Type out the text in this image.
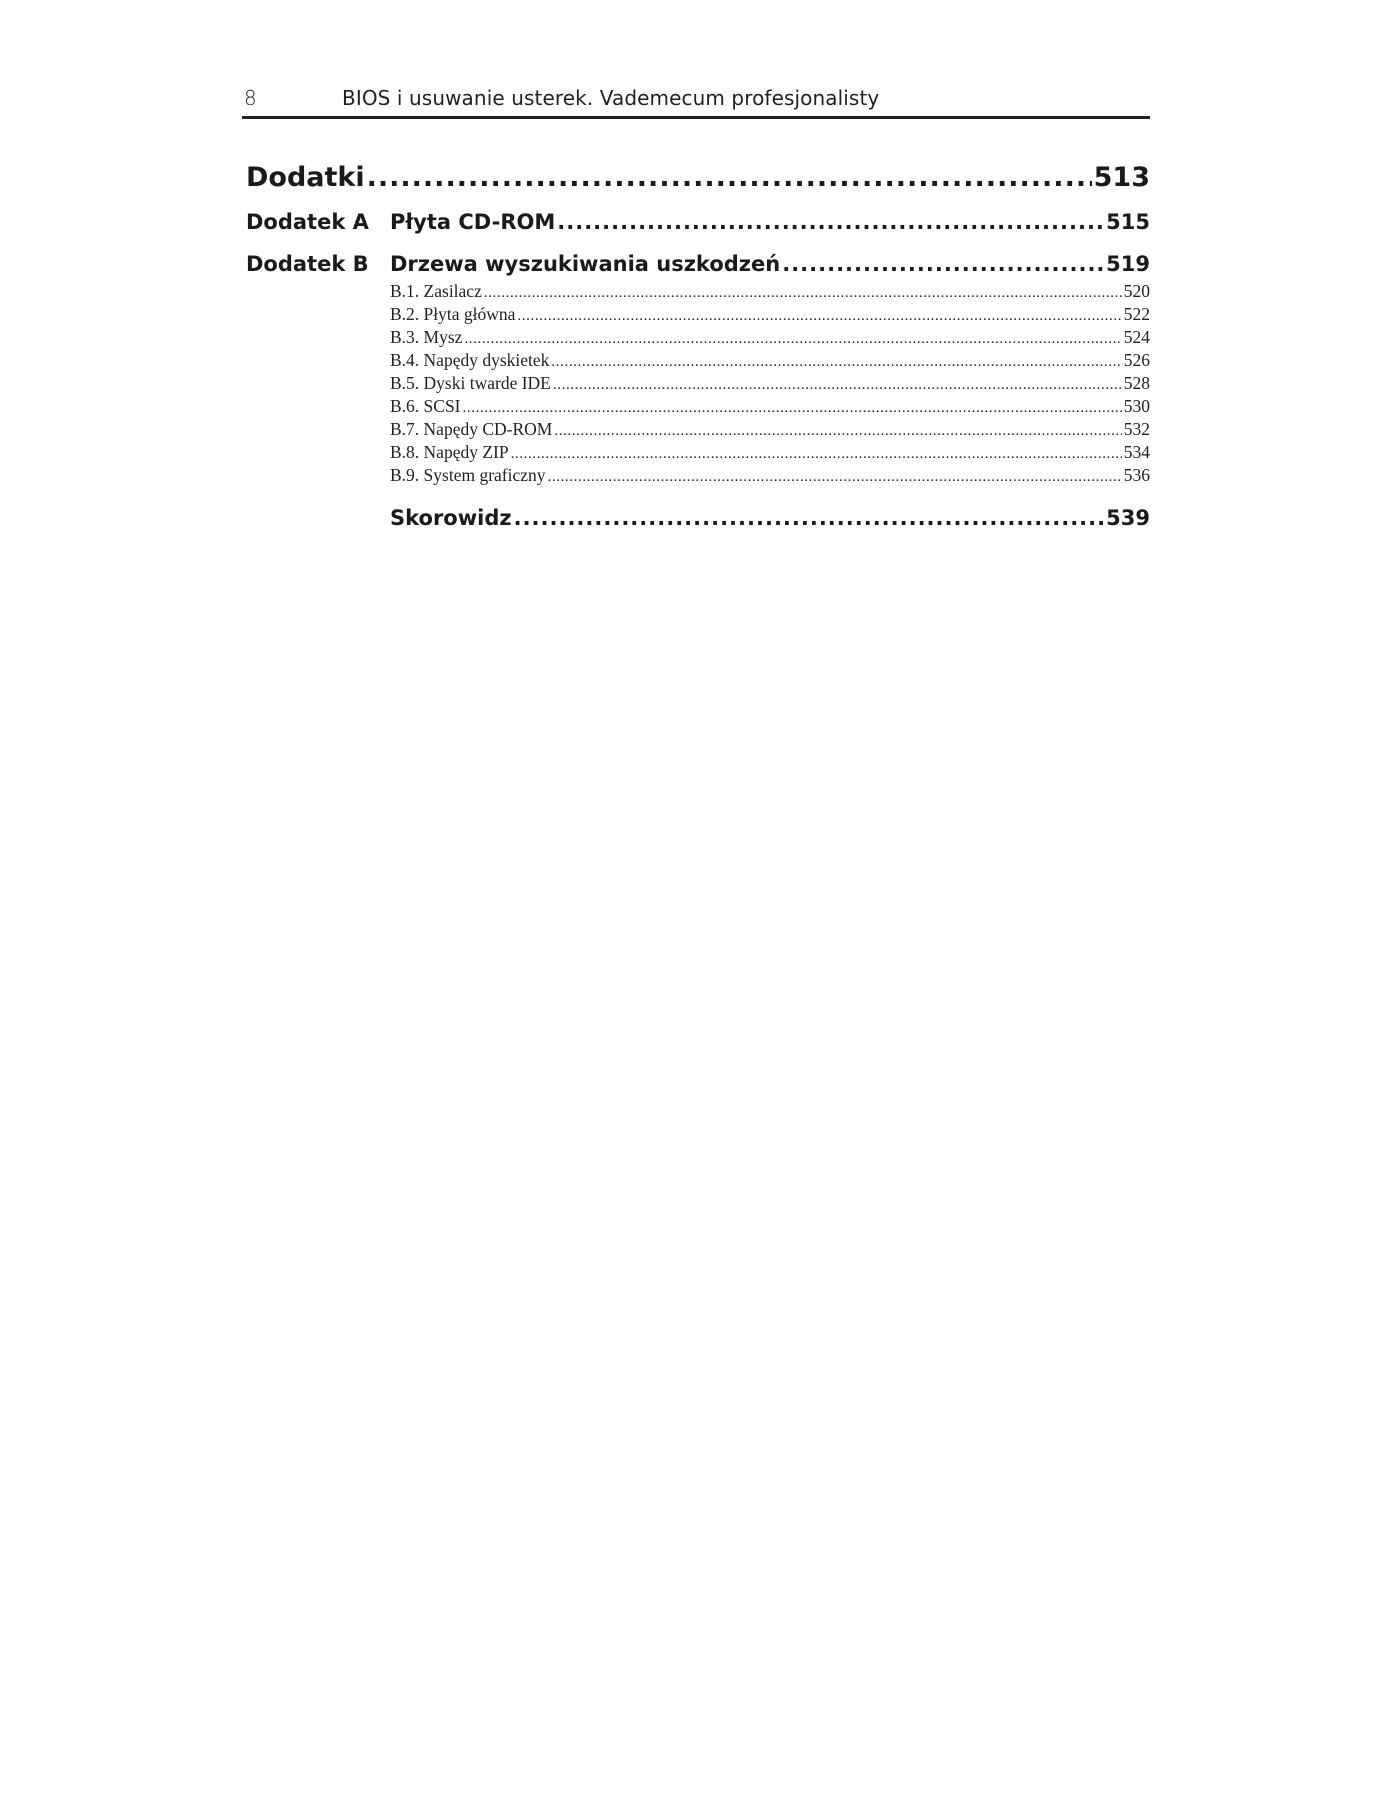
8	BIOS i usuwanie usterek. Vademecum profesjonalisty
Dodatki .....	513
Dodatek A Płyta CD-ROM .....	515
Dodatek B Drzewa wyszukiwania uszkodzeń .....	519
B.1. Zasilacz .....	520
B.2. Płyta główna .....	522
B.3. Mysz .....	524
B.4. Napędy dyskietek .....	526
B.5. Dyski twarde IDE .....	528
B.6. SCSI .....	530
B.7. Napędy CD-ROM .....	532
B.8. Napędy ZIP .....	534
B.9. System graficzny .....	536
Skorowidz .....	539
